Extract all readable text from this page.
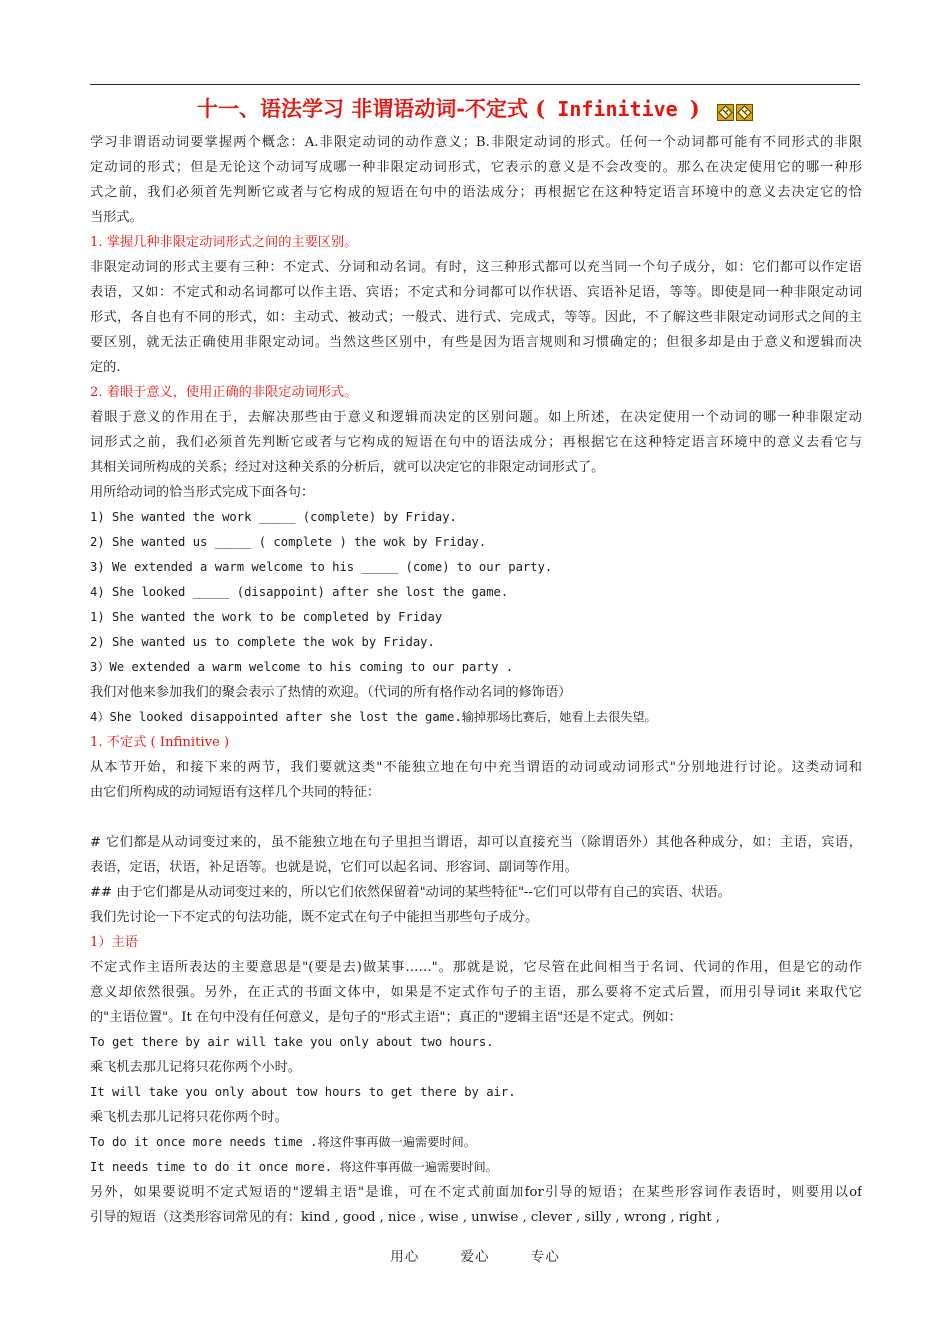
十一、语法学习 非谓语动词-不定式 ( Infinitive )
学习非谓语动词要掌握两个概念：A.非限定动词的动作意义；B.非限定动词的形式。任何一个动词都可能有不同形式的非限
定动词的形式；但是无论这个动词写成哪一种非限定动词形式，它表示的意义是不会改变的。那么在决定使用它的哪一种形
式之前，我们必须首先判断它或者与它构成的短语在句中的语法成分；再根据它在这种特定语言环境中的意义去决定它的恰
当形式。
1. 掌握几种非限定动词形式之间的主要区别。
非限定动词的形式主要有三种：不定式、分词和动名词。有时，这三种形式都可以充当同一个句子成分，如：它们都可以作定语
表语，又如：不定式和动名词都可以作主语、宾语；不定式和分词都可以作状语、宾语补足语，等等。即使是同一种非限定动词
形式，各自也有不同的形式，如：主动式、被动式；一般式、进行式、完成式，等等。因此，不了解这些非限定动词形式之间的主
要区别，就无法正确使用非限定动词。当然这些区别中，有些是因为语言规则和习惯确定的；但很多却是由于意义和逻辑而决
定的.
2. 着眼于意义，使用正确的非限定动词形式。
着眼于意义的作用在于，去解决那些由于意义和逻辑而决定的区别问题。如上所述，在决定使用一个动词的哪一种非限定动
词形式之前，我们必须首先判断它或者与它构成的短语在句中的语法成分；再根据它在这种特定语言环境中的意义去看它与
其相关词所构成的关系；经过对这种关系的分析后，就可以决定它的非限定动词形式了。
用所给动词的恰当形式完成下面各句：
1) She wanted the work _____ (complete) by Friday.
2) She wanted us _____ ( complete ) the wok by Friday.
3) We extended a warm welcome to his _____ (come) to our party.
4) She looked _____ (disappoint) after she lost the game.
1) She wanted the work to be completed by Friday
2) She wanted us to complete the wok by Friday.
3）We extended a warm welcome to his coming to our party .
我们对他来参加我们的聚会表示了热情的欢迎。（代词的所有格作动名词的修饰语）
4）She looked disappointed after she lost the game.输掉那场比赛后，她看上去很失望。
1. 不定式 ( Infinitive )
从本节开始，和接下来的两节，我们要就这类"不能独立地在句中充当谓语的动词或动词形式"分别地进行讨论。这类动词和
由它们所构成的动词短语有这样几个共同的特征：
# 它们都是从动词变过来的，虽不能独立地在句子里担当谓语，却可以直接充当（除谓语外）其他各种成分，如：主语，宾语，
表语，定语，状语，补足语等。也就是说，它们可以起名词、形容词、副词等作用。
## 由于它们都是从动词变过来的，所以它们依然保留着"动词的某些特征"--它们可以带有自己的宾语、状语。
我们先讨论一下不定式的句法功能，既不定式在句子中能担当那些句子成分。
1）主语
不定式作主语所表达的主要意思是"(要是去)做某事……"。那就是说，它尽管在此间相当于名词、代词的作用，但是它的动作
意义却依然很强。另外，在正式的书面文体中，如果是不定式作句子的主语，那么要将不定式后置，而用引导词it 来取代它
的"主语位置"。It 在句中没有任何意义，是句子的"形式主语"；真正的"逻辑主语"还是不定式。例如：
To get there by air will take you only about two hours.
乘飞机去那儿记将只花你两个小时。
It will take you only about tow hours to get there by air.
乘飞机去那儿记将只花你两个时。
To do it once more needs time .将这件事再做一遍需要时间。
It needs time to do it once more. 将这件事再做一遍需要时间。
另外，如果要说明不定式短语的"逻辑主语"是谁，可在不定式前面加for引导的短语；在某些形容词作表语时，则要用以of
引导的短语（这类形容词常见的有：kind , good , nice , wise , unwise , clever , silly , wrong , right ,
用心	爱心	专心
